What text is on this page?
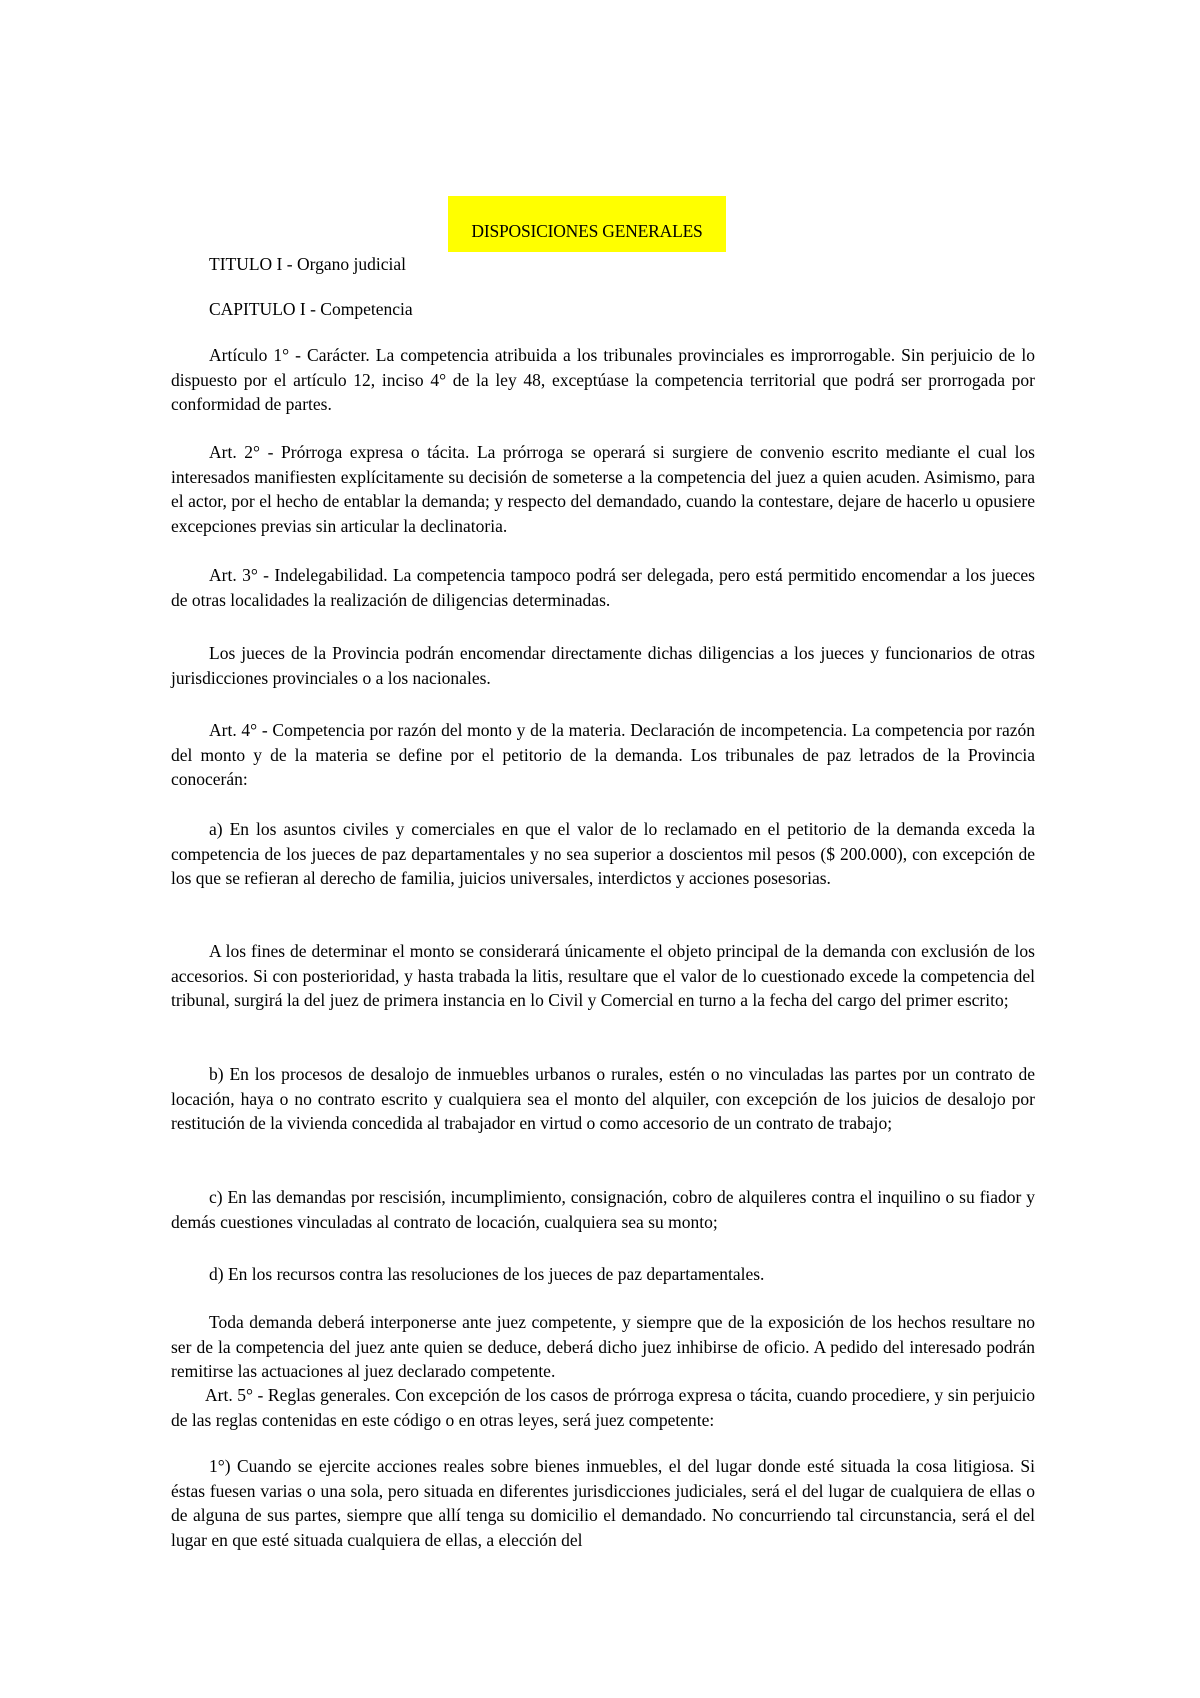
DISPOSICIONES GENERALES
TITULO I - Organo judicial
CAPITULO I - Competencia

Artículo 1° - Carácter. La competencia atribuida a los tribunales provinciales es improrrogable. Sin perjuicio de lo dispuesto por el artículo 12, inciso 4° de la ley 48, exceptúase la competencia territorial que podrá ser prorrogada por conformidad de partes.

Art. 2° - Prórroga expresa o tácita. La prórroga se operará si surgiere de convenio escrito mediante el cual los interesados manifiesten explícitamente su decisión de someterse a la competencia del juez a quien acuden. Asimismo, para el actor, por el hecho de entablar la demanda; y respecto del demandado, cuando la contestare, dejare de hacerlo u opusiere excepciones previas sin articular la declinatoria.

Art. 3° - Indelegabilidad. La competencia tampoco podrá ser delegada, pero está permitido encomendar a los jueces de otras localidades la realización de diligencias determinadas.

Los jueces de la Provincia podrán encomendar directamente dichas diligencias a los jueces y funcionarios de otras jurisdicciones provinciales o a los nacionales.

Art. 4° - Competencia por razón del monto y de la materia. Declaración de incompetencia. La competencia por razón del monto y de la materia se define por el petitorio de la demanda. Los tribunales de paz letrados de la Provincia conocerán:

a) En los asuntos civiles y comerciales en que el valor de lo reclamado en el petitorio de la demanda exceda la competencia de los jueces de paz departamentales y no sea superior a doscientos mil pesos ($ 200.000), con excepción de los que se refieran al derecho de familia, juicios universales, interdictos y acciones posesorias.

A los fines de determinar el monto se considerará únicamente el objeto principal de la demanda con exclusión de los accesorios. Si con posterioridad, y hasta trabada la litis, resultare que el valor de lo cuestionado excede la competencia del tribunal, surgirá la del juez de primera instancia en lo Civil y Comercial en turno a la fecha del cargo del primer escrito;

b) En los procesos de desalojo de inmuebles urbanos o rurales, estén o no vinculadas las partes por un contrato de locación, haya o no contrato escrito y cualquiera sea el monto del alquiler, con excepción de los juicios de desalojo por restitución de la vivienda concedida al trabajador en virtud o como accesorio de un contrato de trabajo;

c) En las demandas por rescisión, incumplimiento, consignación, cobro de alquileres contra el inquilino o su fiador y demás cuestiones vinculadas al contrato de locación, cualquiera sea su monto;

d) En los recursos contra las resoluciones de los jueces de paz departamentales.

Toda demanda deberá interponerse ante juez competente, y siempre que de la exposición de los hechos resultare no ser de la competencia del juez ante quien se deduce, deberá dicho juez inhibirse de oficio. A pedido del interesado podrán remitirse las actuaciones al juez declarado competente.

Art. 5° - Reglas generales. Con excepción de los casos de prórroga expresa o tácita, cuando procediere, y sin perjuicio de las reglas contenidas en este código o en otras leyes, será juez competente:

1°) Cuando se ejercite acciones reales sobre bienes inmuebles, el del lugar donde esté situada la cosa litigiosa. Si éstas fuesen varias o una sola, pero situada en diferentes jurisdicciones judiciales, será el del lugar de cualquiera de ellas o de alguna de sus partes, siempre que allí tenga su domicilio el demandado. No concurriendo tal circunstancia, será el del lugar en que esté situada cualquiera de ellas, a elección del
